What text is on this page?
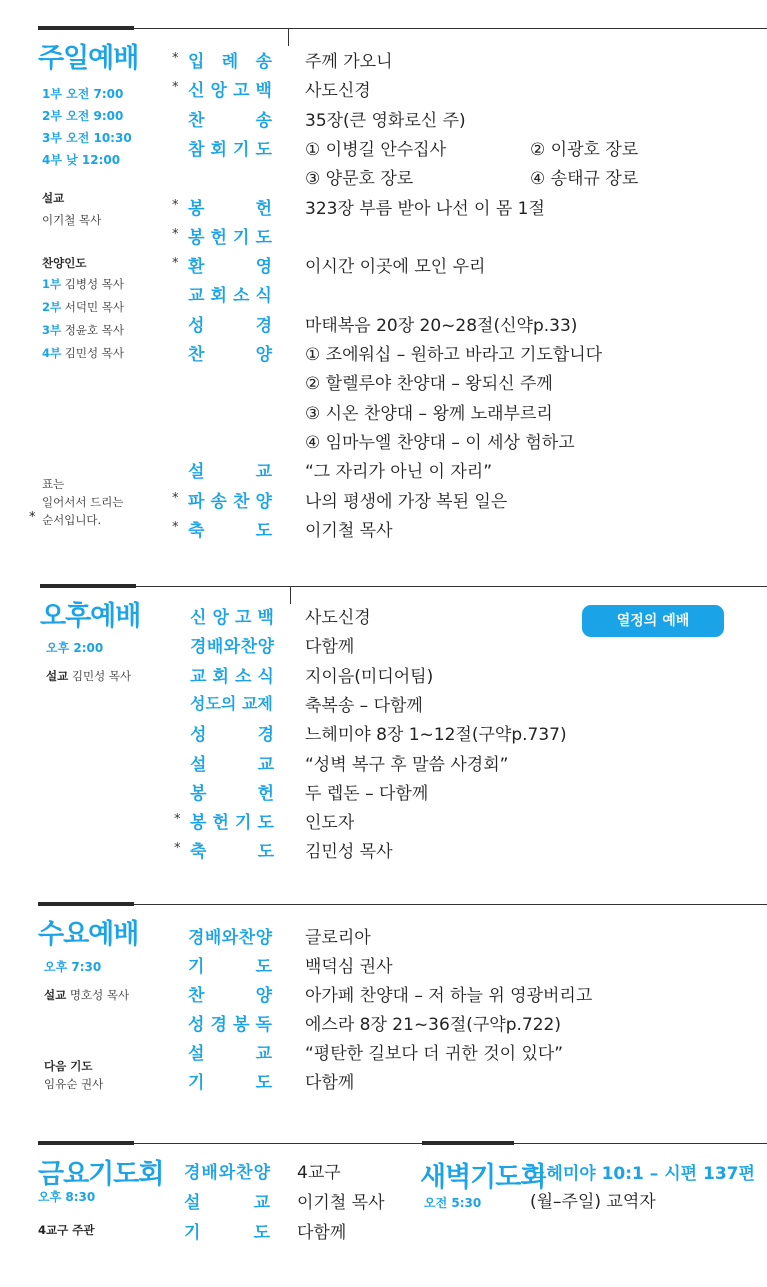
주일예배
1부 오전 7:00
2부 오전 9:00
3부 오전 10:30
4부 낮 12:00
설교
이기철 목사
찬양인도
1부 김병성 목사
2부 서덕민 목사
3부 정윤호 목사
4부 김민성 목사
표는
일어서서 드리는
순서입니다.
*
* 입 례 송 주께 가오니
* 신 앙 고 백 사도신경
찬	송 35장(큰 영화로신 주)
참 회 기 도 ① 이병길 안수집사	② 이광호 장로
③ 양문호 장로	④ 송태규 장로
* 봉	헌 323장 부름 받아 나선 이 몸 1절
* 봉 헌 기 도
* 환	영 이시간 이곳에 모인 우리
교 회 소 식
성	경 마태복음 20장 20~28절(신약p.33)
찬	양 ① 조에워십 – 원하고 바라고 기도합니다
② 할렐루야 찬양대 – 왕되신 주께
③ 시온 찬양대 – 왕께 노래부르리
④ 임마누엘 찬양대 – 이 세상 험하고
설	교 “그 자리가 아닌 이 자리”
* 파 송 찬 양 나의 평생에 가장 복된 일은
* 축	도 이기철 목사
오후예배
오후 2:00
설교 김민성 목사
열정의 예배
신 앙 고 백 사도신경
경 배 와 찬 양 다함께
교 회 소 식 지이음(미디어팀)
성도의 교제 축복송 – 다함께
성	경 느헤미야 8장 1~12절(구약p.737)
설	교 “성벽 복구 후 말씀 사경회”
봉	헌 두 렙돈 – 다함께
* 봉 헌 기 도 인도자
* 축	도 김민성 목사
수요예배
오후 7:30
설교 명호성 목사
다음 기도
임유순 권사
경 배 와 찬 양 글로리아
기	도 백덕심 권사
찬	양 아가페 찬양대 – 저 하늘 위 영광버리고
성 경 봉 독 에스라 8장 21~36절(구약p.722)
설	교 “평탄한 길보다 더 귀한 것이 있다”
기	도 다함께
금요기도회
오후 8:30
4교구 주관
경 배 와 찬 양 4교구
설	교 이기철 목사
기	도 다함께
새벽기도회
오전 5:30
느헤미야 10:1 – 시편 137편
(월–주일) 교역자
